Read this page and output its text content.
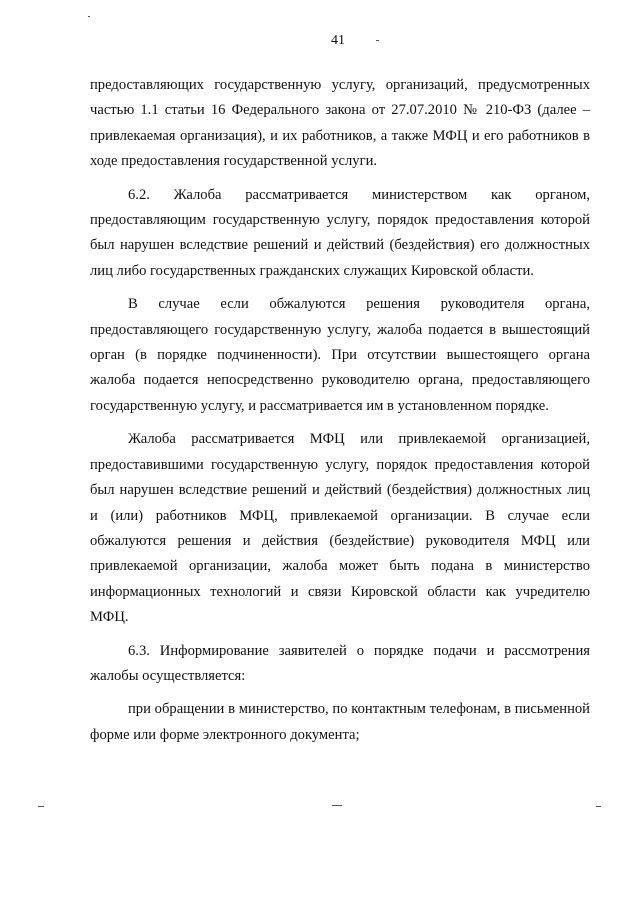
41

предоставляющих государственную услугу, организаций, предусмотренных частью 1.1 статьи 16 Федерального закона от 27.07.2010 № 210-ФЗ (далее – привлекаемая организация), и их работников, а также МФЦ и его работников в ходе предоставления государственной услуги.

6.2. Жалоба рассматривается министерством как органом, предоставляющим государственную услугу, порядок предоставления которой был нарушен вследствие решений и действий (бездействия) его должностных лиц либо государственных гражданских служащих Кировской области.

В случае если обжалуются решения руководителя органа, предоставляющего государственную услугу, жалоба подается в вышестоящий орган (в порядке подчиненности). При отсутствии вышестоящего органа жалоба подается непосредственно руководителю органа, предоставляющего государственную услугу, и рассматривается им в установленном порядке.

Жалоба рассматривается МФЦ или привлекаемой организацией, предоставившими государственную услугу, порядок предоставления которой был нарушен вследствие решений и действий (бездействия) должностных лиц и (или) работников МФЦ, привлекаемой организации. В случае если обжалуются решения и действия (бездействие) руководителя МФЦ или привлекаемой организации, жалоба может быть подана в министерство информационных технологий и связи Кировской области как учредителю МФЦ.

6.3. Информирование заявителей о порядке подачи и рассмотрения жалобы осуществляется:

при обращении в министерство, по контактным телефонам, в письменной форме или форме электронного документа;
